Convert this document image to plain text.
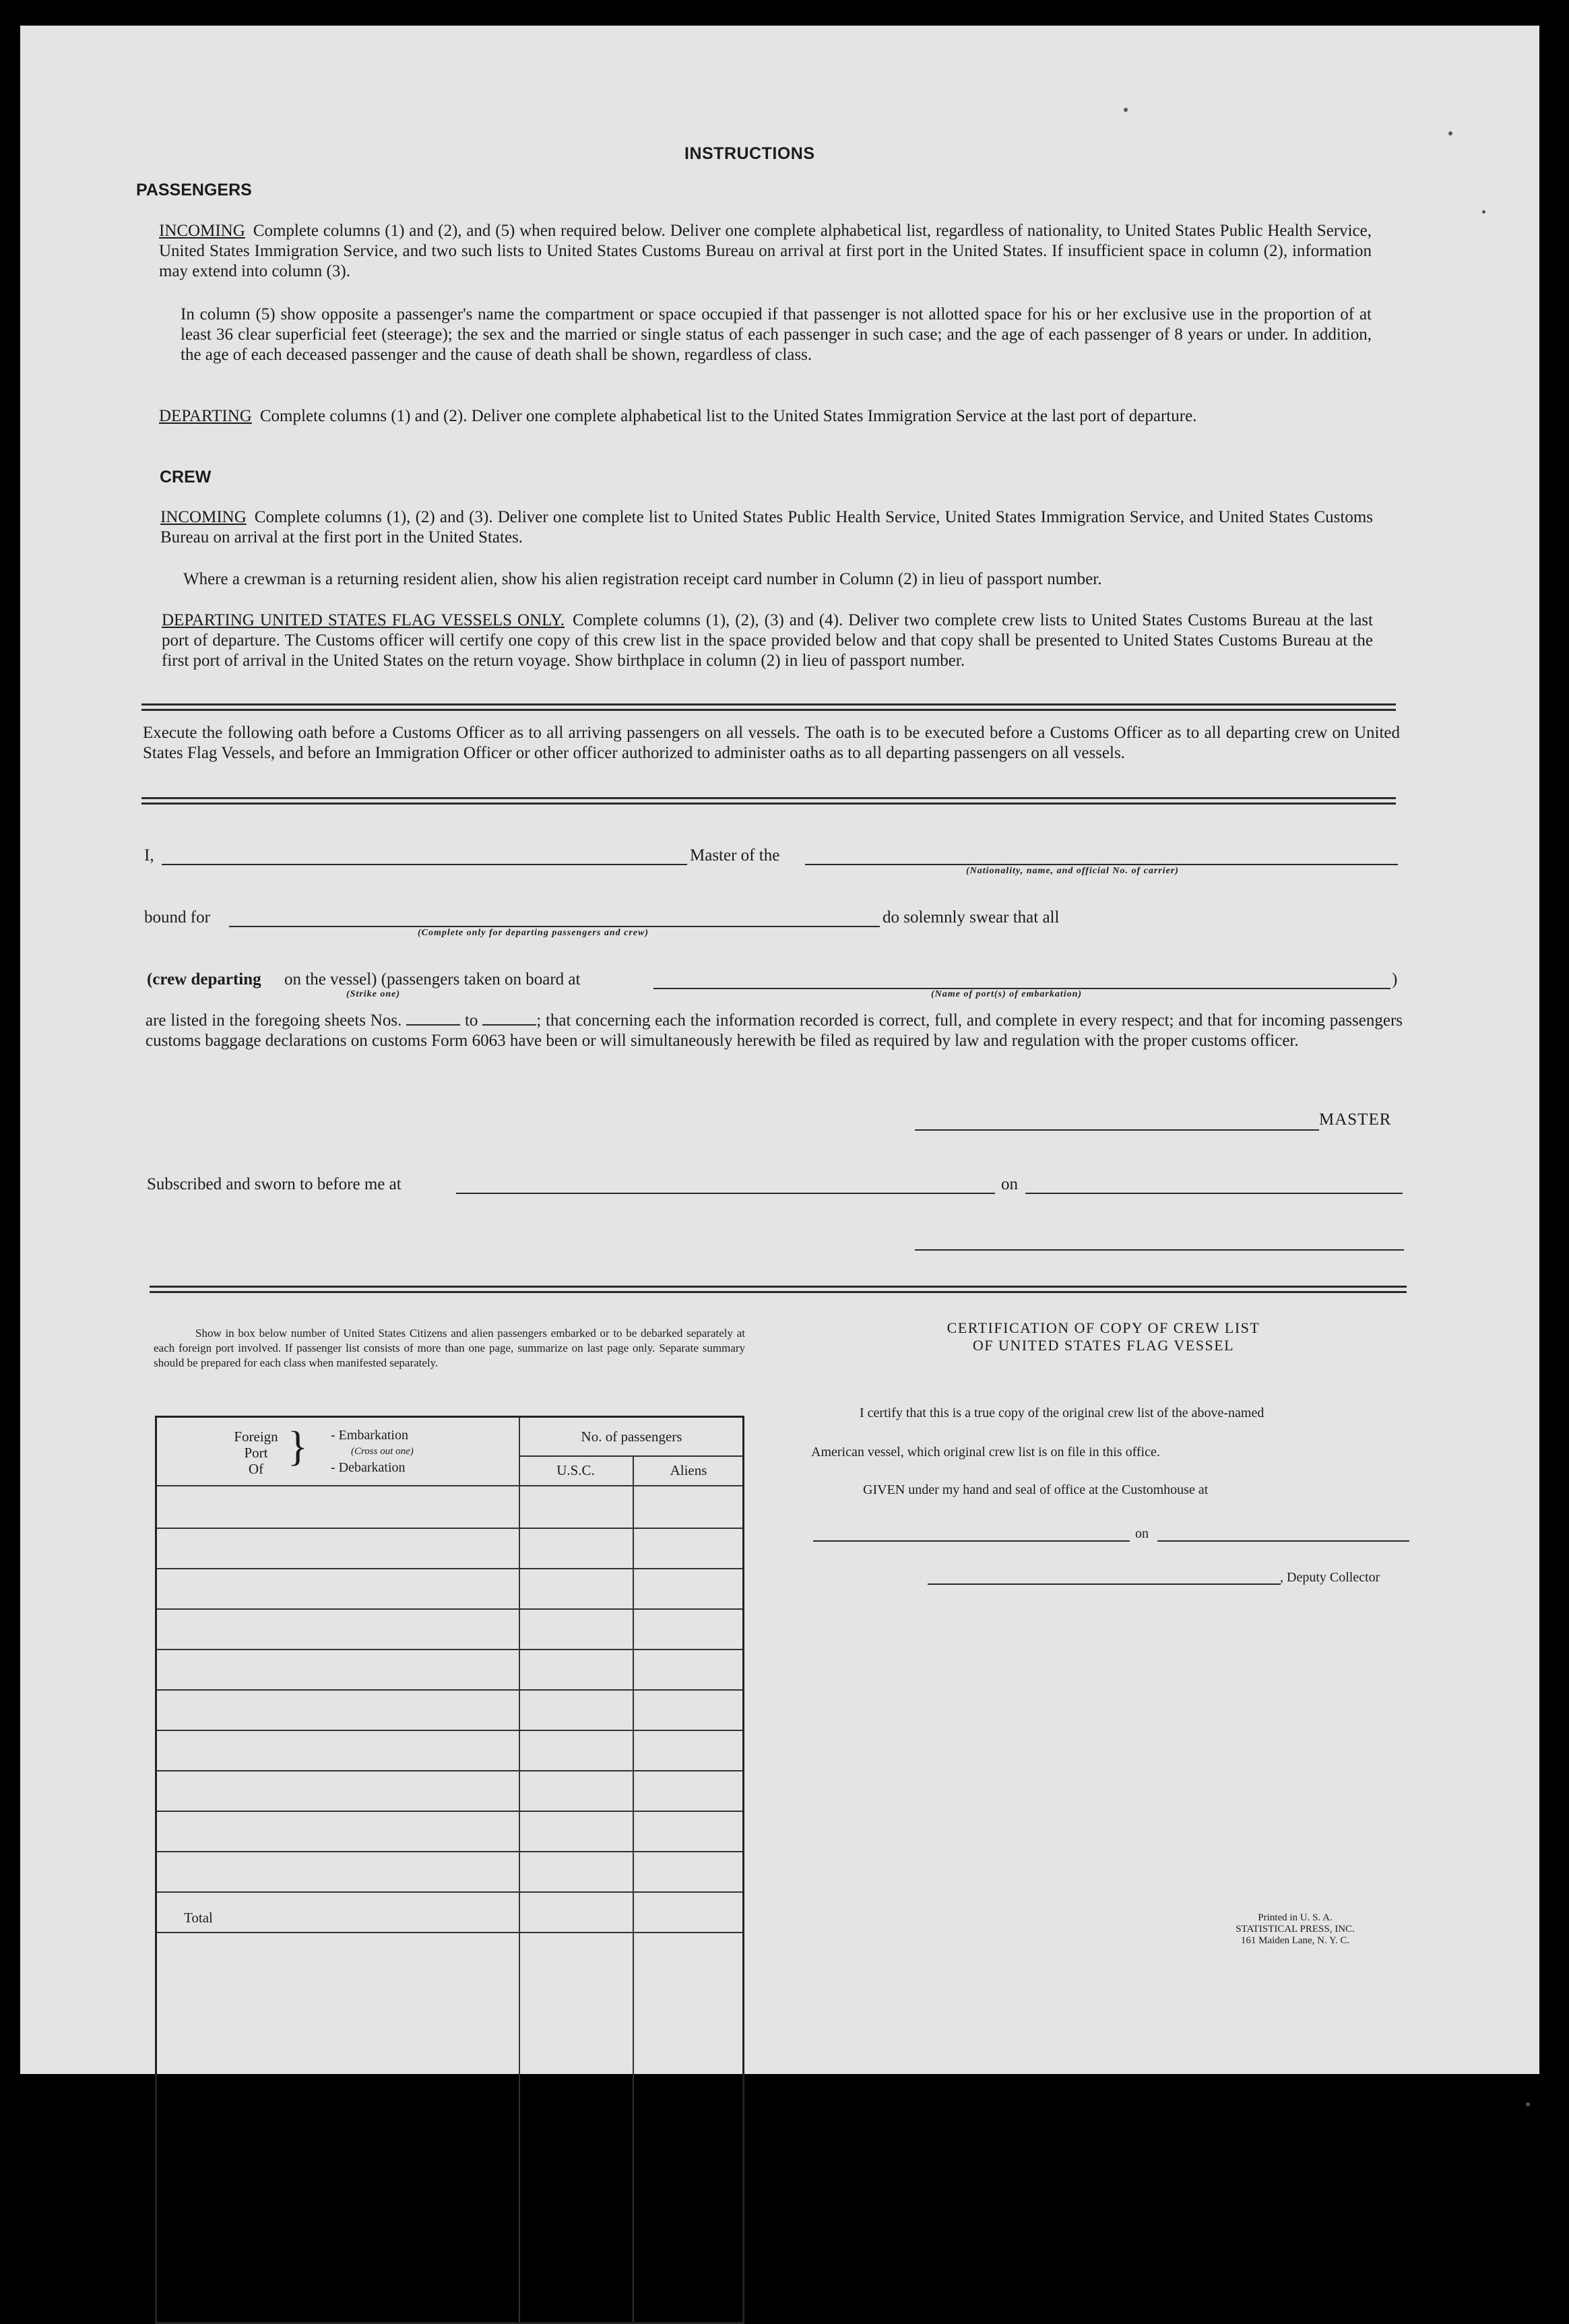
INSTRUCTIONS
PASSENGERS
INCOMING Complete columns (1) and (2), and (5) when required below. Deliver one complete alphabetical list, regardless of nationality, to United States Public Health Service, United States Immigration Service, and two such lists to United States Customs Bureau on arrival at first port in the United States. If insufficient space in column (2), information may extend into column (3).
In column (5) show opposite a passenger's name the compartment or space occupied if that passenger is not allotted space for his or her exclusive use in the proportion of at least 36 clear superficial feet (steerage); the sex and the married or single status of each passenger in such case; and the age of each passenger of 8 years or under. In addition, the age of each deceased passenger and the cause of death shall be shown, regardless of class.
DEPARTING Complete columns (1) and (2). Deliver one complete alphabetical list to the United States Immigration Service at the last port of departure.
CREW
INCOMING Complete columns (1), (2) and (3). Deliver one complete list to United States Public Health Service, United States Immigration Service, and United States Customs Bureau on arrival at the first port in the United States.
Where a crewman is a returning resident alien, show his alien registration receipt card number in Column (2) in lieu of passport number.
DEPARTING UNITED STATES FLAG VESSELS ONLY. Complete columns (1), (2), (3) and (4). Deliver two complete crew lists to United States Customs Bureau at the last port of departure. The Customs officer will certify one copy of this crew list in the space provided below and that copy shall be presented to United States Customs Bureau at the first port of arrival in the United States on the return voyage. Show birthplace in column (2) in lieu of passport number.
Execute the following oath before a Customs Officer as to all arriving passengers on all vessels. The oath is to be executed before a Customs Officer as to all departing crew on United States Flag Vessels, and before an Immigration Officer or other officer authorized to administer oaths as to all departing passengers on all vessels.
I,	Master of the
(Nationality, name, and official No. of carrier)
bound for	do solemnly swear that all
(Complete only for departing passengers and crew)
(crew departing on the vessel) (passengers taken on board at	)
(Strike one)	(Name of port(s) of embarkation)
are listed in the foregoing sheets Nos.	to	; that concerning each the information recorded is correct, full, and complete in every respect; and that for incoming passengers customs baggage declarations on customs Form 6063 have been or will simultaneously herewith be filed as required by law and regulation with the proper customs officer.
MASTER
Subscribed and sworn to before me at	on
Show in box below number of United States Citizens and alien passengers embarked or to be debarked separately at each foreign port involved. If passenger list consists of more than one page, summarize on last page only. Separate summary should be prepared for each class when manifested separately.
Foreign
Port
Of } - Embarkation
(Cross out one)
- Debarkation
No. of passengers
U.S.C.	Aliens
Total
CERTIFICATION OF COPY OF CREW LIST
OF UNITED STATES FLAG VESSEL
I certify that this is a true copy of the original crew list of the above-named
American vessel, which original crew list is on file in this office.
GIVEN under my hand and seal of office at the Customhouse at
on
, Deputy Collector
Printed in U. S. A.
STATISTICAL PRESS, INC.
161 Maiden Lane, N. Y. C.
